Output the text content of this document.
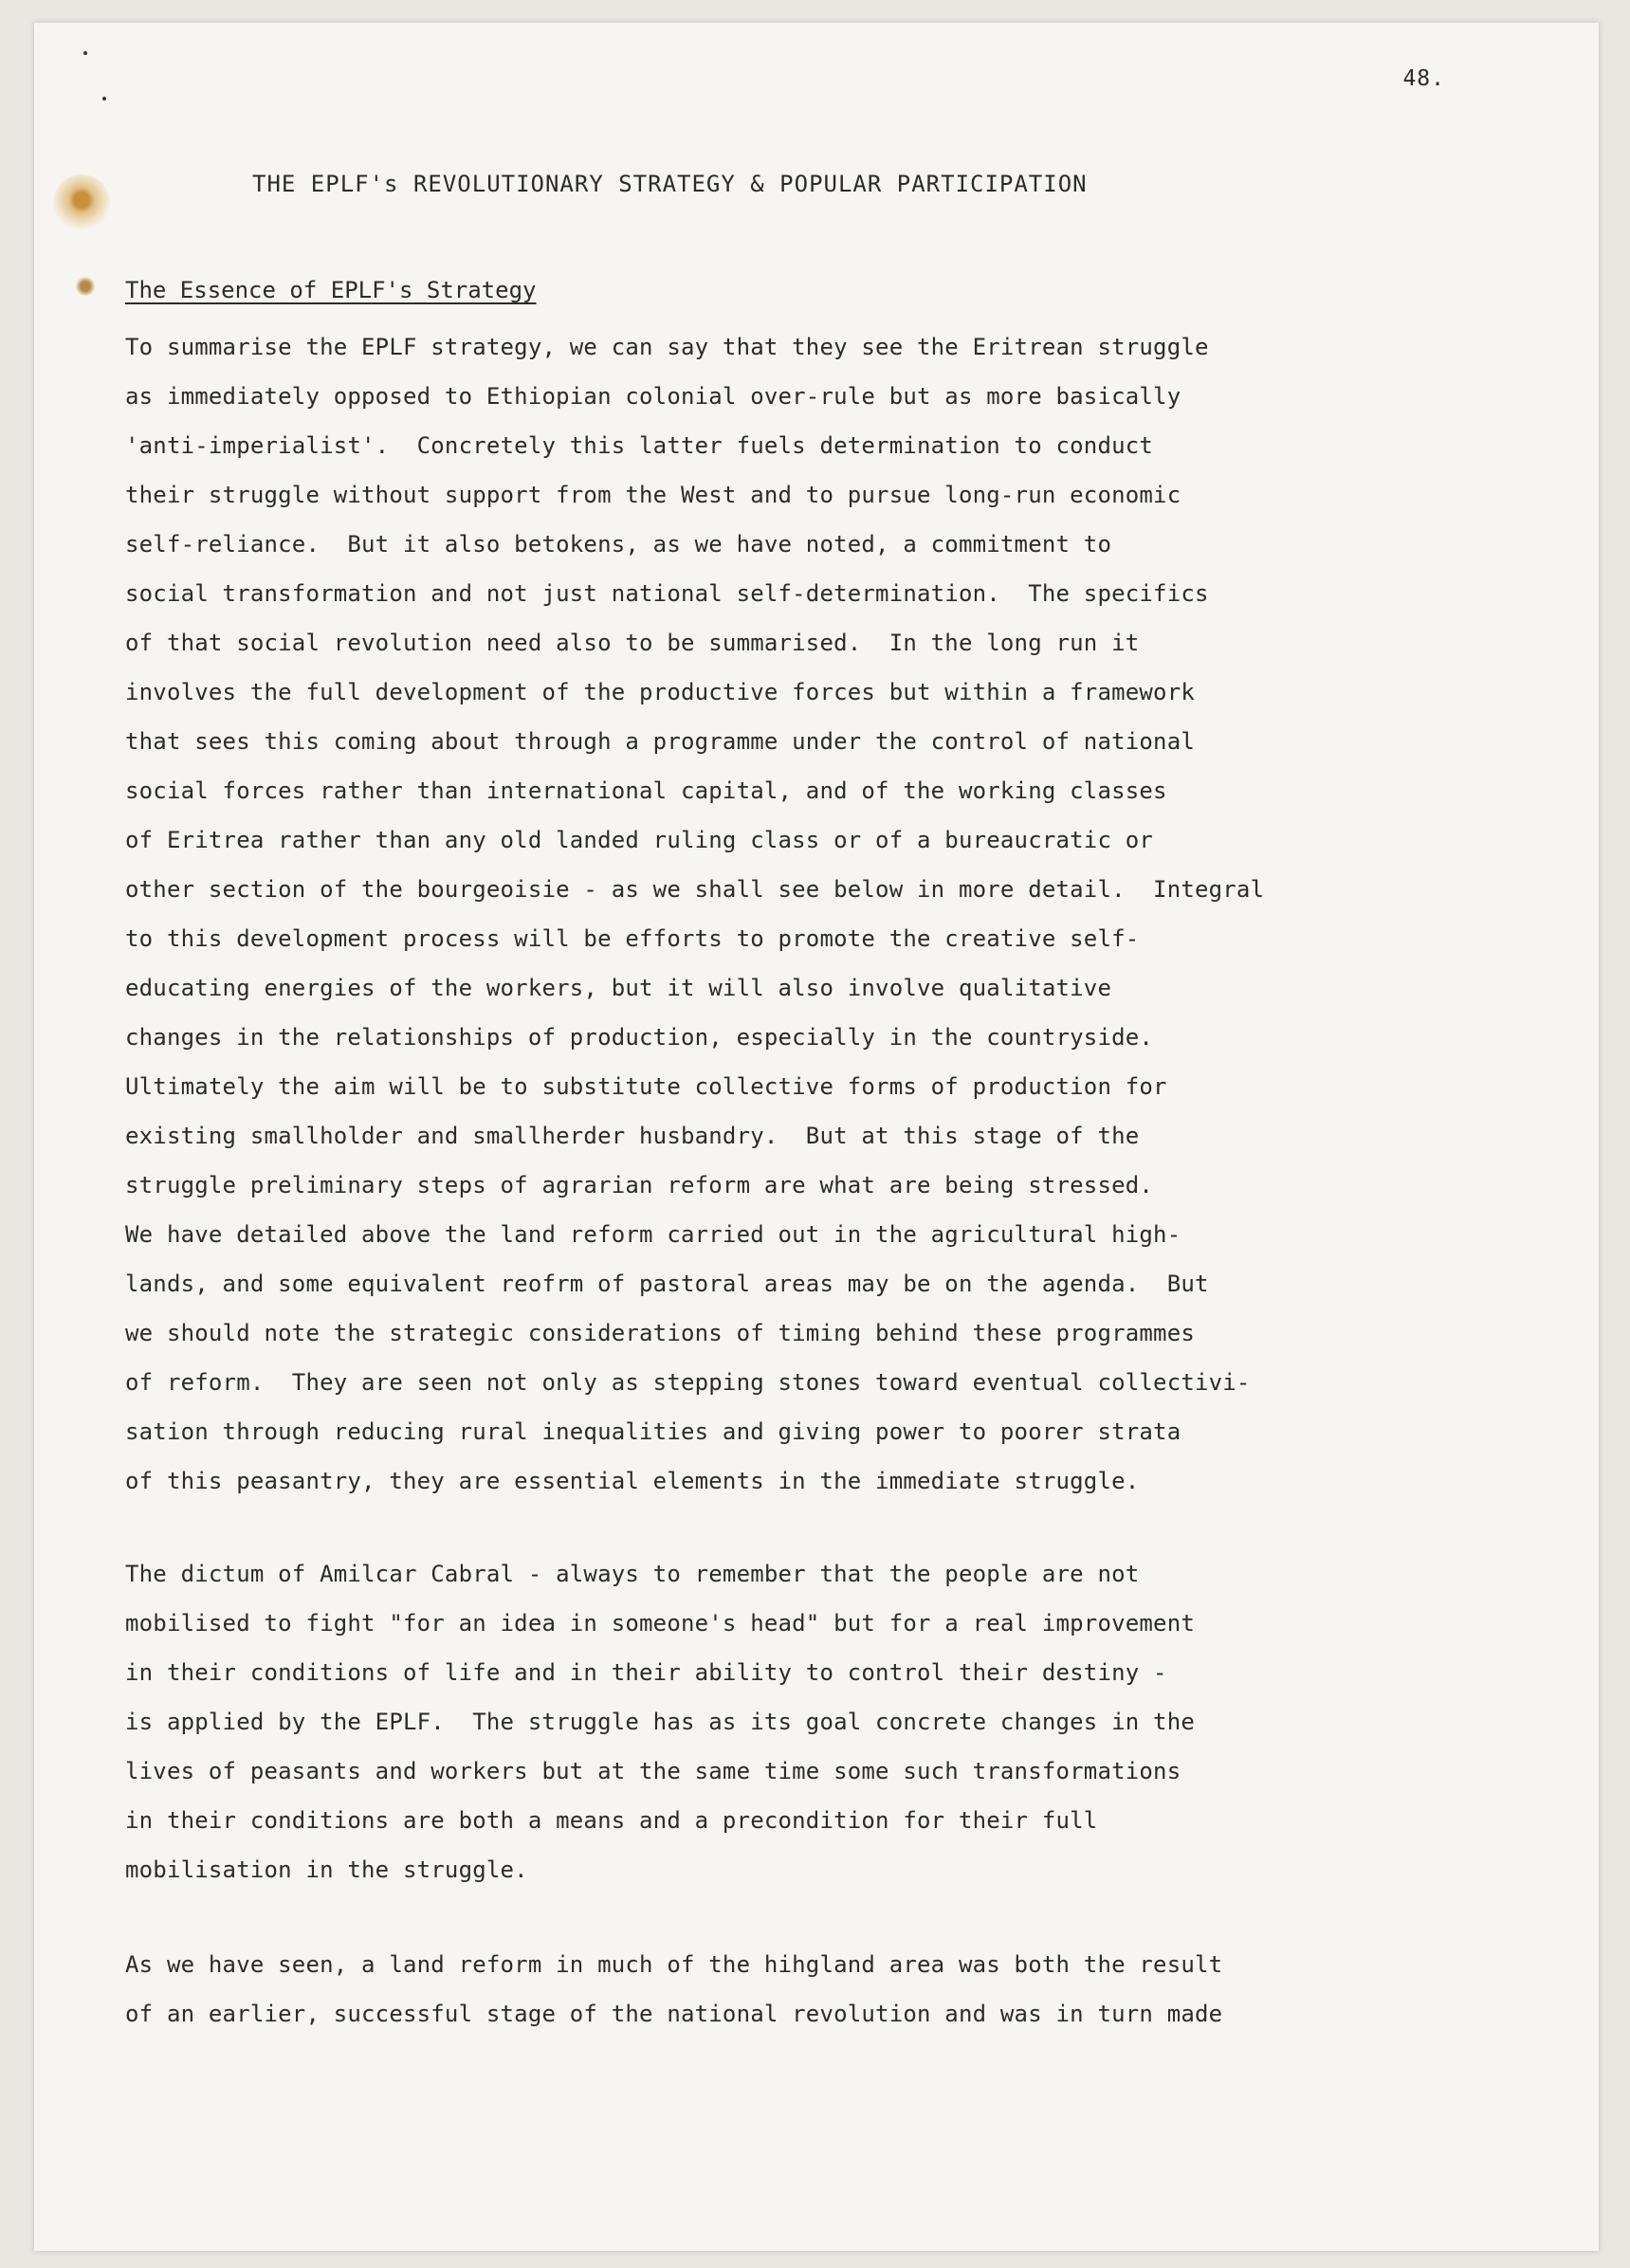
48.
THE EPLF's REVOLUTIONARY STRATEGY & POPULAR PARTICIPATION
The Essence of EPLF's Strategy
To summarise the EPLF strategy, we can say that they see the Eritrean struggle
as immediately opposed to Ethiopian colonial over-rule but as more basically
'anti-imperialist'.  Concretely this latter fuels determination to conduct
their struggle without support from the West and to pursue long-run economic
self-reliance.  But it also betokens, as we have noted, a commitment to
social transformation and not just national self-determination.  The specifics
of that social revolution need also to be summarised.  In the long run it
involves the full development of the productive forces but within a framework
that sees this coming about through a programme under the control of national
social forces rather than international capital, and of the working classes
of Eritrea rather than any old landed ruling class or of a bureaucratic or
other section of the bourgeoisie - as we shall see below in more detail.  Integral
to this development process will be efforts to promote the creative self-
educating energies of the workers, but it will also involve qualitative
changes in the relationships of production, especially in the countryside.
Ultimately the aim will be to substitute collective forms of production for
existing smallholder and smallherder husbandry.  But at this stage of the
struggle preliminary steps of agrarian reform are what are being stressed.
We have detailed above the land reform carried out in the agricultural high-
lands, and some equivalent reofrm of pastoral areas may be on the agenda.  But
we should note the strategic considerations of timing behind these programmes
of reform.  They are seen not only as stepping stones toward eventual collectivi-
sation through reducing rural inequalities and giving power to poorer strata
of this peasantry, they are essential elements in the immediate struggle.
The dictum of Amilcar Cabral - always to remember that the people are not
mobilised to fight "for an idea in someone's head" but for a real improvement
in their conditions of life and in their ability to control their destiny -
is applied by the EPLF.  The struggle has as its goal concrete changes in the
lives of peasants and workers but at the same time some such transformations
in their conditions are both a means and a precondition for their full
mobilisation in the struggle.
As we have seen, a land reform in much of the hihgland area was both the result
of an earlier, successful stage of the national revolution and was in turn made
